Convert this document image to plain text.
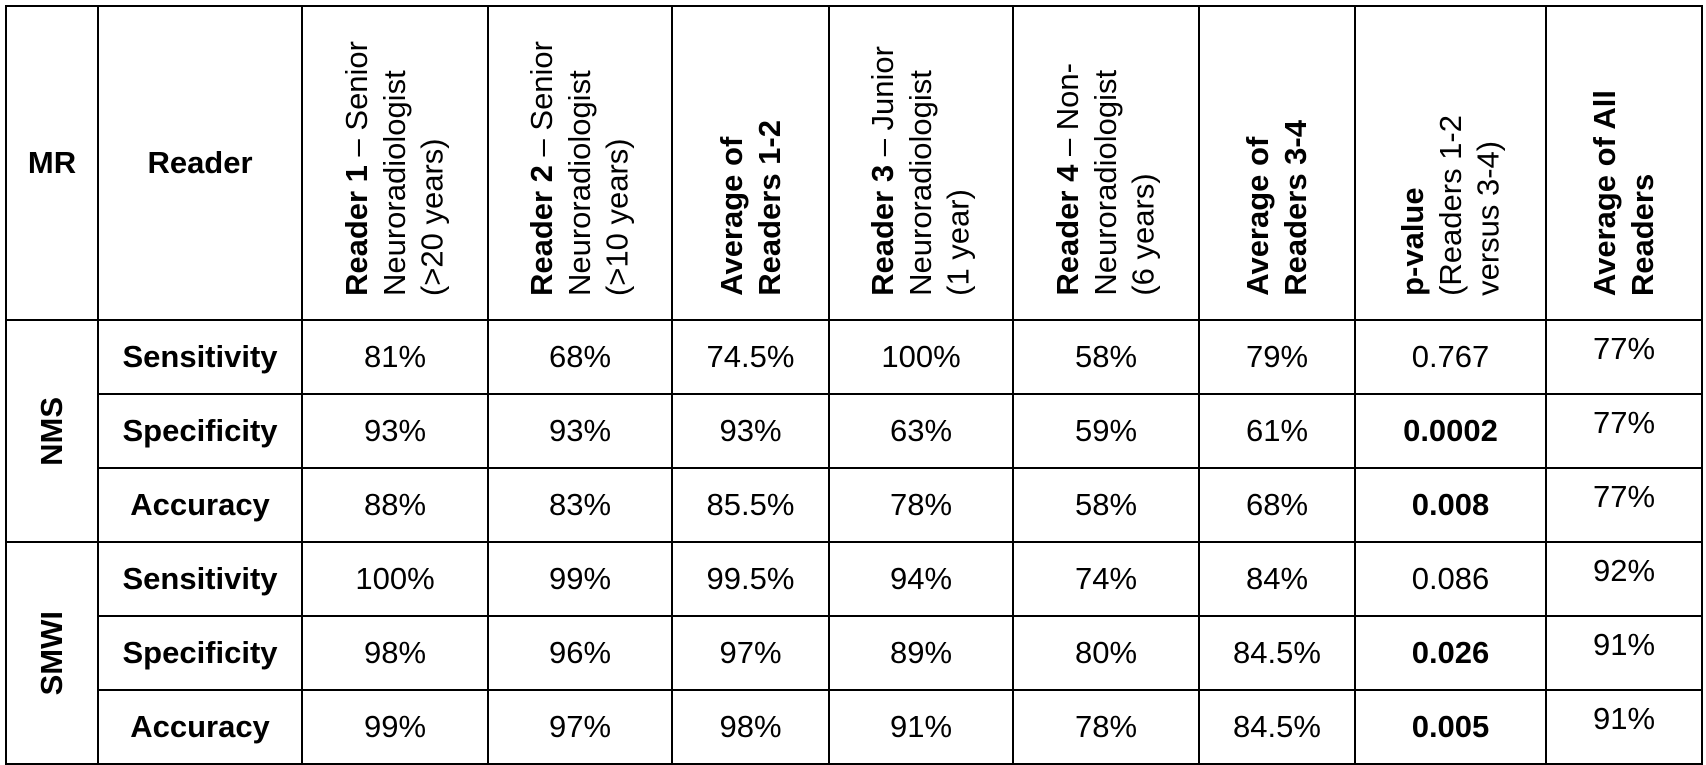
MR	Reader	Reader 1 – Senior
Neuroradiologist
(>20 years)	Reader 2 – Senior
Neuroradiologist
(>10 years)	Average of
Readers 1-2	Reader 3 – Junior
Neuroradiologist
(1 year)	Reader 4 – Non-
Neuroradiologist
(6 years)	Average of
Readers 3-4	p-value
(Readers 1-2
versus 3-4)	Average of All
Readers

NMS	Sensitivity	81%	68%	74.5%	100%	58%	79%	0.767	77%
	Specificity	93%	93%	93%	63%	59%	61%	0.0002	77%
	Accuracy	88%	83%	85.5%	78%	58%	68%	0.008	77%

SMWI	Sensitivity	100%	99%	99.5%	94%	74%	84%	0.086	92%
	Specificity	98%	96%	97%	89%	80%	84.5%	0.026	91%
	Accuracy	99%	97%	98%	91%	78%	84.5%	0.005	91%
